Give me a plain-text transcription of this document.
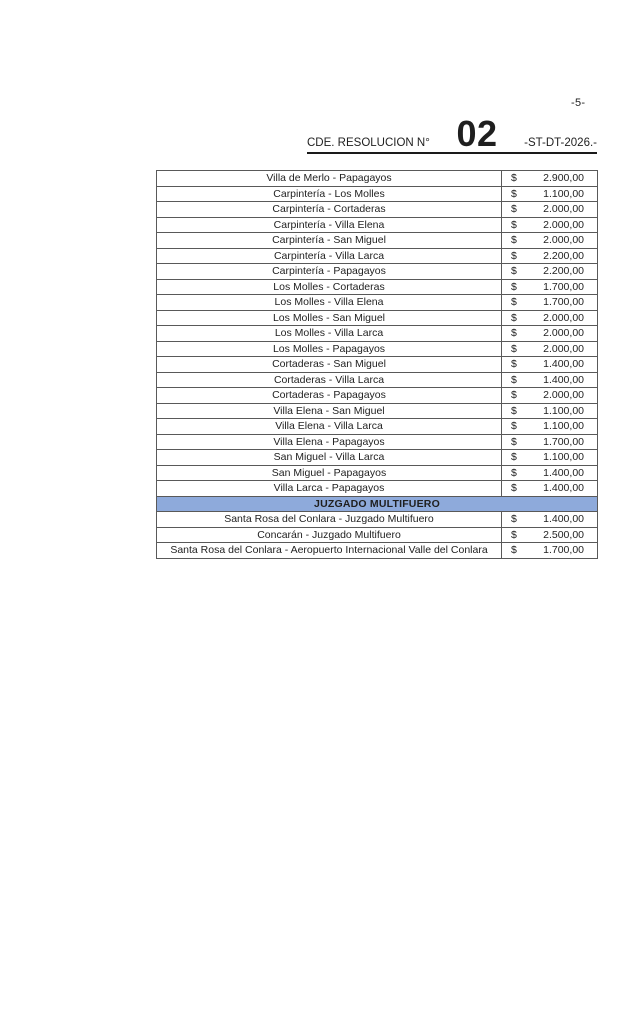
-5-
CDE. RESOLUCION N° 02 -ST-DT-2026.-
Villa de Merlo - Papagayos	$ 2.900,00

Carpintería - Los Molles	$ 1.100,00

Carpintería - Cortaderas	$ 2.000,00

Carpintería - Villa Elena	$ 2.000,00

Carpintería - San Miguel	$ 2.000,00

Carpintería - Villa Larca	$ 2.200,00

Carpintería - Papagayos	$ 2.200,00

Los Molles - Cortaderas	$ 1.700,00

Los Molles - Villa Elena	$ 1.700,00

Los Molles - San Miguel	$ 2.000,00

Los Molles - Villa Larca	$ 2.000,00

Los Molles - Papagayos	$ 2.000,00

Cortaderas - San Miguel	$ 1.400,00

Cortaderas - Villa Larca	$ 1.400,00

Cortaderas - Papagayos	$ 2.000,00

Villa Elena - San Miguel	$ 1.100,00

Villa Elena - Villa Larca	$ 1.100,00

Villa Elena - Papagayos	$ 1.700,00

San Miguel - Villa Larca	$ 1.100,00

San Miguel - Papagayos	$ 1.400,00

Villa Larca - Papagayos	$ 1.400,00

JUZGADO MULTIFUERO	
Santa Rosa del Conlara - Juzgado Multifuero	$ 1.400,00

Concarán - Juzgado Multifuero	$ 2.500,00

Santa Rosa del Conlara - Aeropuerto Internacional Valle del Conlara	$ 1.700,00
